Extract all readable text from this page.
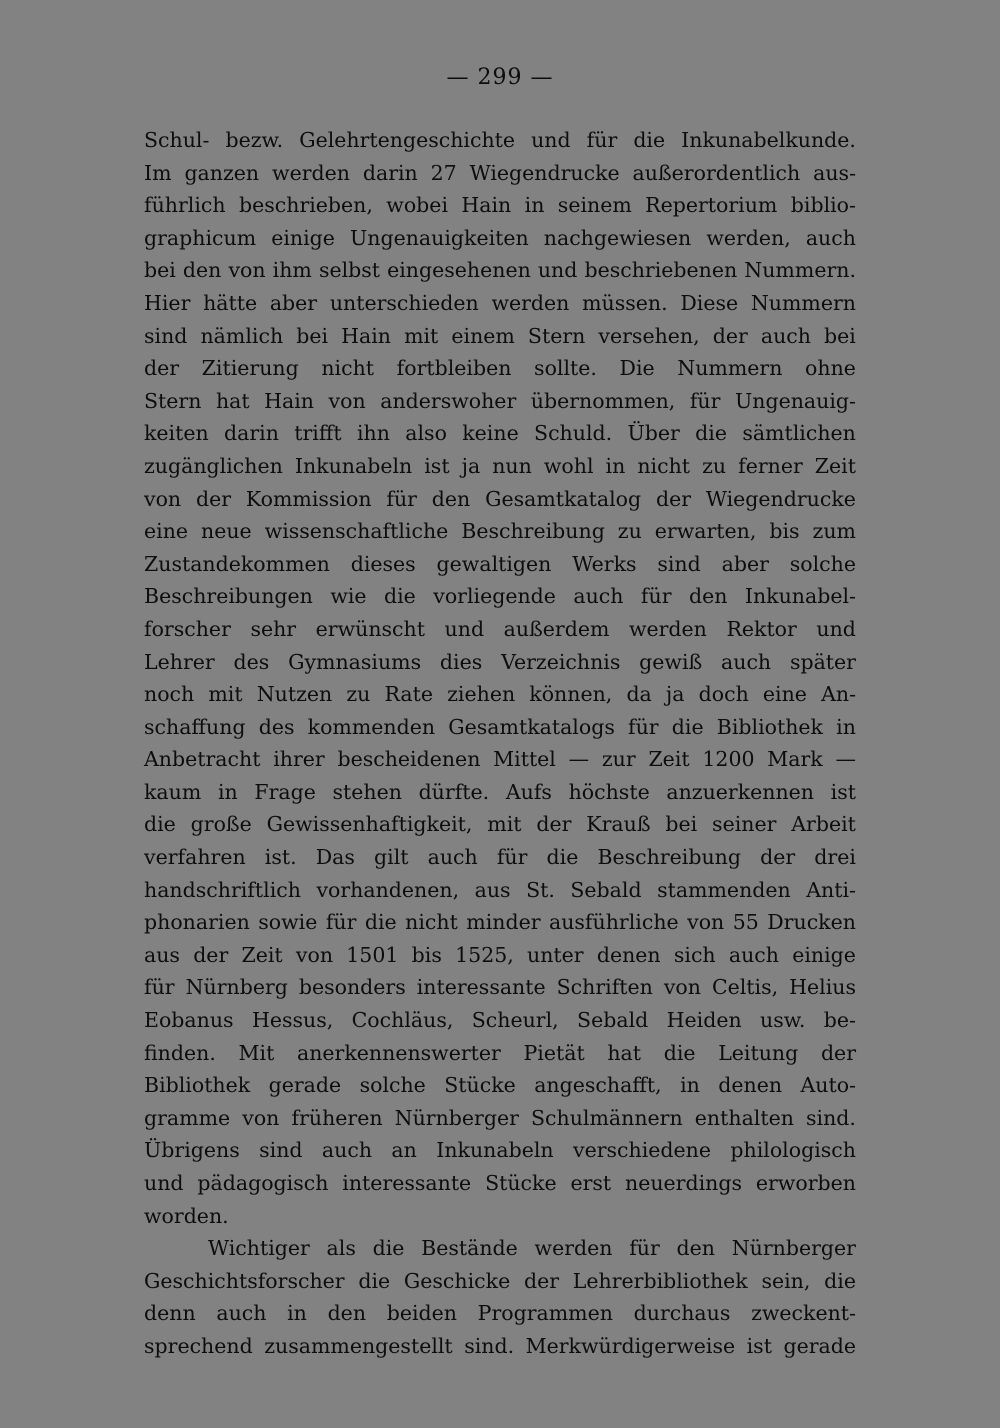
— 299 —
Schul- bezw. Gelehrtengeschichte und für die Inkunabelkunde.
Im ganzen werden darin 27 Wiegendrucke außerordentlich aus-
führlich beschrieben, wobei Hain in seinem Repertorium biblio-
graphicum einige Ungenauigkeiten nachgewiesen werden, auch
bei den von ihm selbst eingesehenen und beschriebenen Nummern.
Hier hätte aber unterschieden werden müssen. Diese Nummern
sind nämlich bei Hain mit einem Stern versehen, der auch bei
der Zitierung nicht fortbleiben sollte. Die Nummern ohne
Stern hat Hain von anderswoher übernommen, für Ungenauig-
keiten darin trifft ihn also keine Schuld. Über die sämtlichen
zugänglichen Inkunabeln ist ja nun wohl in nicht zu ferner Zeit
von der Kommission für den Gesamtkatalog der Wiegendrucke
eine neue wissenschaftliche Beschreibung zu erwarten, bis zum
Zustandekommen dieses gewaltigen Werks sind aber solche
Beschreibungen wie die vorliegende auch für den Inkunabel-
forscher sehr erwünscht und außerdem werden Rektor und
Lehrer des Gymnasiums dies Verzeichnis gewiß auch später
noch mit Nutzen zu Rate ziehen können, da ja doch eine An-
schaffung des kommenden Gesamtkatalogs für die Bibliothek in
Anbetracht ihrer bescheidenen Mittel — zur Zeit 1200 Mark —
kaum in Frage stehen dürfte. Aufs höchste anzuerkennen ist
die große Gewissenhaftigkeit, mit der Krauß bei seiner Arbeit
verfahren ist. Das gilt auch für die Beschreibung der drei
handschriftlich vorhandenen, aus St. Sebald stammenden Anti-
phonarien sowie für die nicht minder ausführliche von 55 Drucken
aus der Zeit von 1501 bis 1525, unter denen sich auch einige
für Nürnberg besonders interessante Schriften von Celtis, Helius
Eobanus Hessus, Cochläus, Scheurl, Sebald Heiden usw. be-
finden. Mit anerkennenswerter Pietät hat die Leitung der
Bibliothek gerade solche Stücke angeschafft, in denen Auto-
gramme von früheren Nürnberger Schulmännern enthalten sind.
Übrigens sind auch an Inkunabeln verschiedene philologisch
und pädagogisch interessante Stücke erst neuerdings erworben
worden.
Wichtiger als die Bestände werden für den Nürnberger
Geschichtsforscher die Geschicke der Lehrerbibliothek sein, die
denn auch in den beiden Programmen durchaus zweckent-
sprechend zusammengestellt sind. Merkwürdigerweise ist gerade
